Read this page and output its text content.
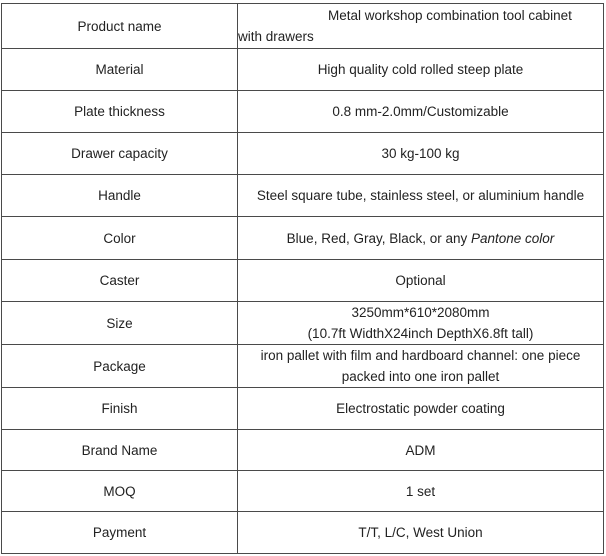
Product name	Metal workshop combination tool cabinet
with drawers

Material	High quality cold rolled steep plate
Plate thickness	0.8 mm-2.0mm/Customizable
Drawer capacity	30 kg-100 kg
Handle	Steel square tube, stainless steel, or aluminium handle
Color	Blue, Red, Gray, Black, or any Pantone color
Caster	Optional
Size	3250mm*610*2080mm
(10.7ft WidthX24inch DepthX6.8ft tall)

Package	iron pallet with film and hardboard channel: one piece
packed into one iron pallet

Finish	Electrostatic powder coating
Brand Name	ADM
MOQ	1 set
Payment	T/T, L/C, West Union
